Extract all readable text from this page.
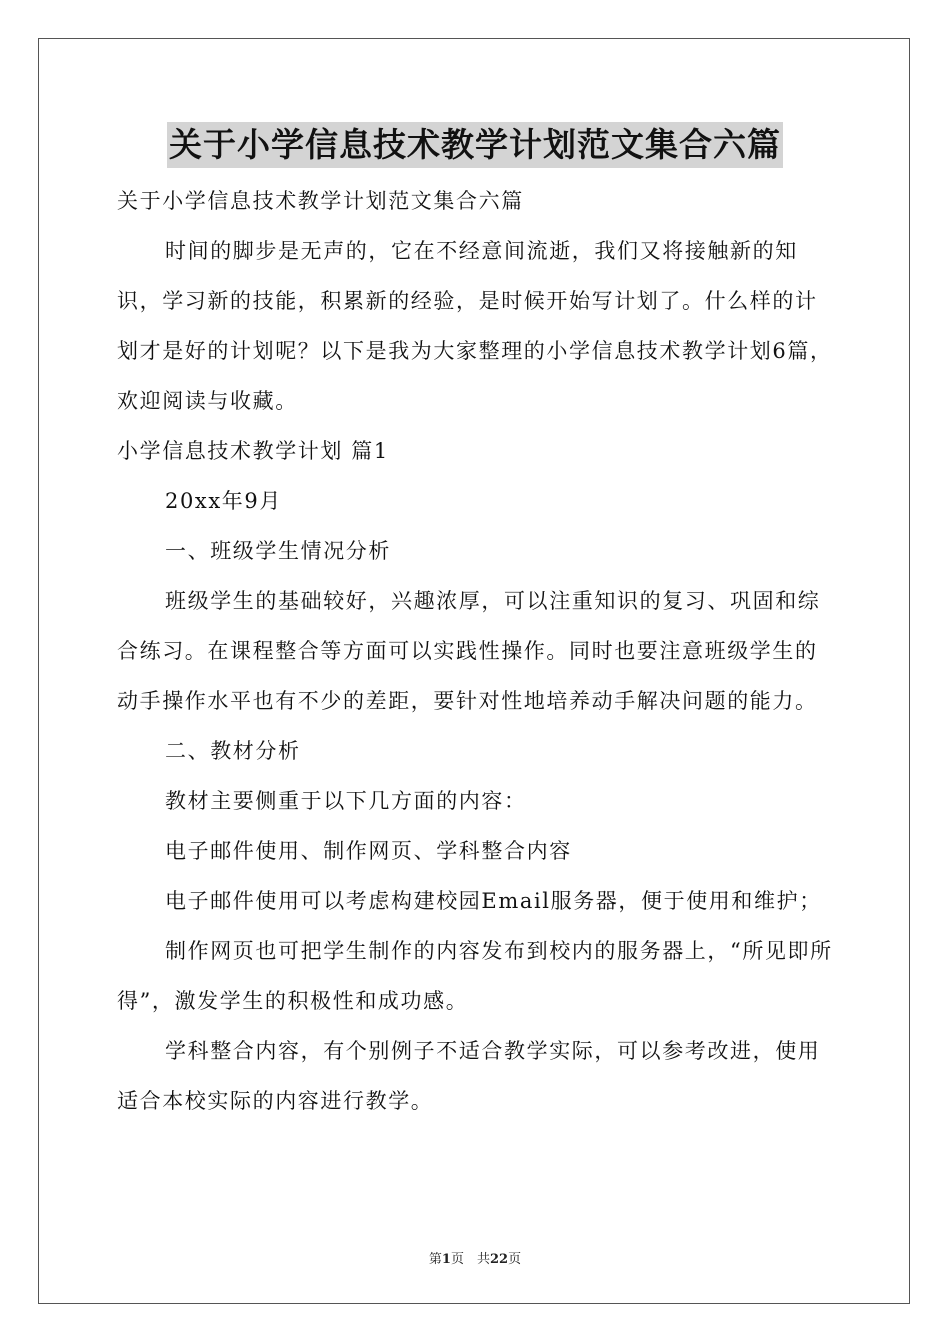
关于小学信息技术教学计划范文集合六篇

关于小学信息技术教学计划范文集合六篇

时间的脚步是无声的，它在不经意间流逝，我们又将接触新的知识，学习新的技能，积累新的经验，是时候开始写计划了。什么样的计划才是好的计划呢？以下是我为大家整理的小学信息技术教学计划6篇，欢迎阅读与收藏。

小学信息技术教学计划 篇1

20xx年9月

一、班级学生情况分析

班级学生的基础较好，兴趣浓厚，可以注重知识的复习、巩固和综合练习。在课程整合等方面可以实践性操作。同时也要注意班级学生的动手操作水平也有不少的差距，要针对性地培养动手解决问题的能力。

二、教材分析

教材主要侧重于以下几方面的内容：

电子邮件使用、制作网页、学科整合内容

电子邮件使用可以考虑构建校园Email服务器，便于使用和维护；

制作网页也可把学生制作的内容发布到校内的服务器上，“所见即所得”，激发学生的积极性和成功感。

学科整合内容，有个别例子不适合教学实际，可以参考改进，使用适合本校实际的内容进行教学。

第1页　共22页
